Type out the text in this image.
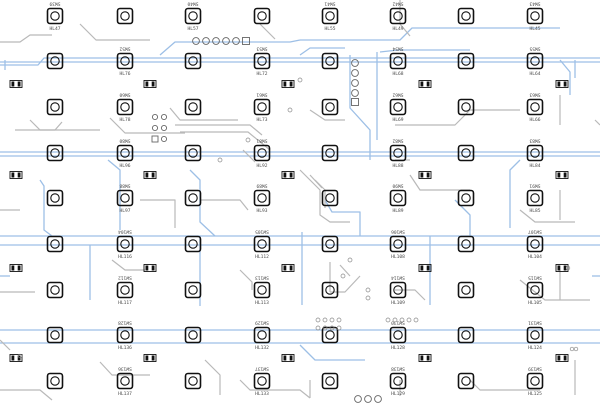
SW39
HL47
SW40
HL57
SW41
HL55
SW42
HL49
SW43
HL45
SW52
HL76
SW53
HL72
SW54
HL68
SW55
HL64
SW60
HL78
SW61
HL73
SW62
HL69
SW63
HL66
SW80
HL96
SW81
HL92
SW82
HL88
SW83
HL84
SW88
HL97
SW89
HL93
SW90
HL89
SW91
HL85
SW104
HL116
SW105
HL112
SW106
HL108
SW107
HL104
SW112
HL117
SW113
HL113
SW114
HL109
SW115
HL105
SW128
HL136
SW129
HL132
SW130
HL128
SW131
HL124
SW136
HL137
SW137
HL133
SW138
HL129
SW139
HL125
